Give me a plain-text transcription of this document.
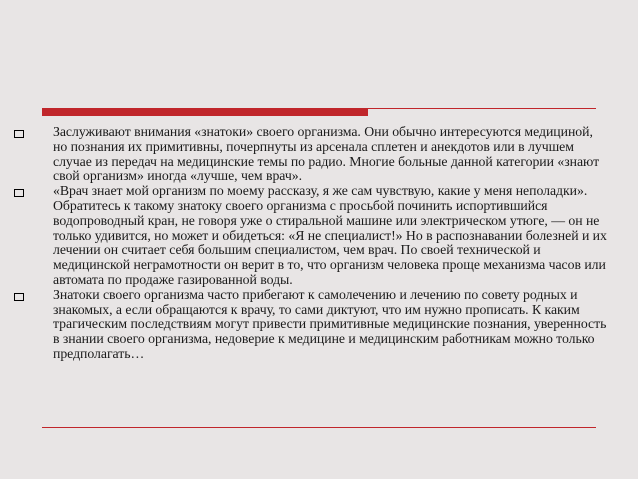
Заслуживают внимания «знатоки» своего организма. Они обычно интересуются медициной, но познания их примитивны, почерпнуты из арсенала сплетен и анекдотов или в лучшем случае из передач на медицинские темы по радио. Многие больные данной категории «знают свой организм» иногда «лучше, чем врач».
«Врач знает мой организм по моему рассказу, я же сам чувствую, какие у меня неполадки». Обратитесь к такому знатоку своего организма с просьбой починить испортившийся водопроводный кран, не говоря уже о стиральной машине или электрическом утюге, — он не только удивится, но может и обидеться: «Я не специалист!» Но в распознавании болезней и их лечении он считает себя большим специалистом, чем врач. По своей технической и медицинской неграмотности он верит в то, что организм человека проще механизма часов или автомата по продаже газированной воды.
Знатоки своего организма часто прибегают к самолечению и лечению по совету родных и знакомых, а если обращаются к врачу, то сами диктуют, что им нужно прописать. К каким трагическим последствиям могут привести примитивные медицинские познания, уверенность в знании своего организма, недоверие к медицине и медицинским работникам можно только предполагать…
